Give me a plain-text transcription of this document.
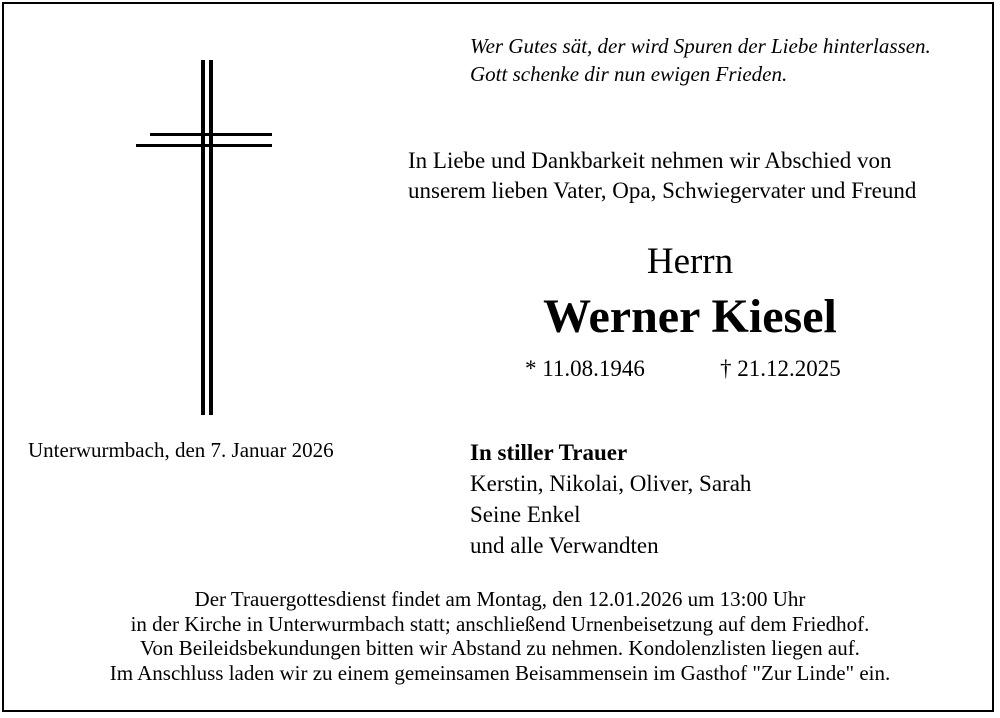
Wer Gutes sät, der wird Spuren der Liebe hinterlassen.
Gott schenke dir nun ewigen Frieden.
In Liebe und Dankbarkeit nehmen wir Abschied von
unserem lieben Vater, Opa, Schwiegervater und Freund
Herrn
Werner Kiesel
* 11.08.1946	† 21.12.2025
Unterwurmbach, den 7. Januar 2026	In stiller Trauer
Kerstin, Nikolai, Oliver, Sarah
Seine Enkel
und alle Verwandten
Der Trauergottesdienst findet am Montag, den 12.01.2026 um 13:00 Uhr
in der Kirche in Unterwurmbach statt; anschließend Urnenbeisetzung auf dem Friedhof.
Von Beileidsbekundungen bitten wir Abstand zu nehmen. Kondolenzlisten liegen auf.
Im Anschluss laden wir zu einem gemeinsamen Beisammensein im Gasthof "Zur Linde" ein.
